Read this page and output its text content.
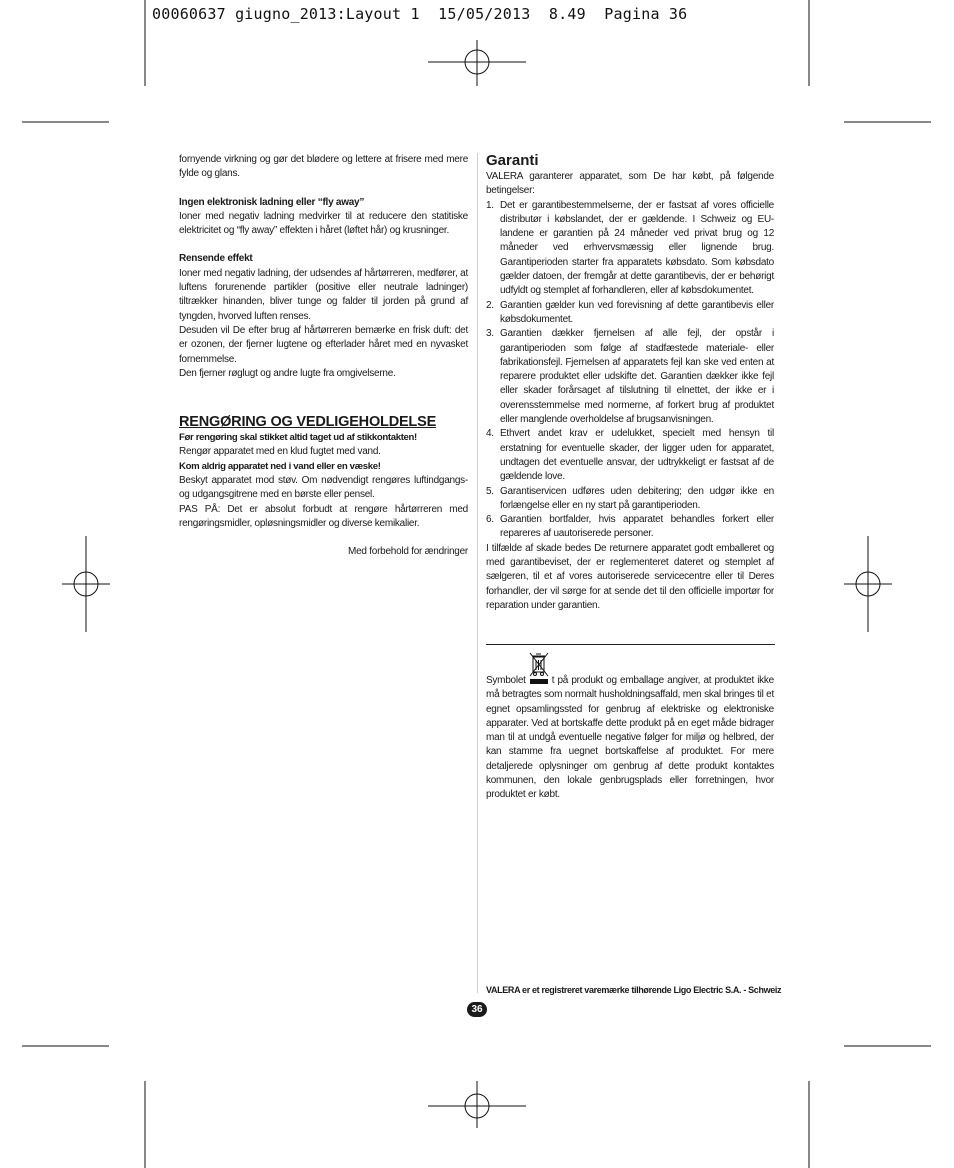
00060637 giugno_2013:Layout 1  15/05/2013  8.49  Pagina 36

fornyende virkning og gør det blødere og lettere at frisere med mere fylde og glans.

Ingen elektronisk ladning eller “fly away”

Ioner med negativ ladning medvirker til at reducere den statitiske elektricitet og “fly away” effekten i håret (løftet hår) og krusninger.

Rensende effekt

Ioner med negativ ladning, der udsendes af hårtørreren, medfører, at luftens forurenende partikler (positive eller neutrale ladninger) tiltrækker hinanden, bliver tunge og falder til jorden på grund af tyngden, hvorved luften renses.

Desuden vil De efter brug af hårtørreren bemærke en frisk duft: det er ozonen, der fjerner lugtene og efterlader håret med en nyvasket fornemmelse.

Den fjerner røglugt og andre lugte fra omgivelserne.

RENGØRING OG VEDLIGEHOLDELSE

Før rengøring skal stikket altid taget ud af stikkontakten!

Rengør apparatet med en klud fugtet med vand.

Kom aldrig apparatet ned i vand eller en væske!

Beskyt apparatet mod støv. Om nødvendigt rengøres luftindgangs- og udgangsgitrene med en børste eller pensel.

PAS PÅ: Det er absolut forbudt at rengøre hårtørreren med rengøringsmidler, opløsningsmidler og diverse kemikalier.

Med forbehold for ændringer

Garanti

VALERA garanterer apparatet, som De har købt, på følgende betingelser:

1. Det er garantibestemmelserne, der er fastsat af vores officielle distributør i købslandet, der er gældende. I Schweiz og EU-landene er garantien på 24 måneder ved privat brug og 12 måneder ved erhvervsmæssig eller lignende brug. Garantiperioden starter fra apparatets købsdato. Som købsdato gælder datoen, der fremgår at dette garantibevis, der er behørigt udfyldt og stemplet af forhandleren, eller af købsdokumentet.
2. Garantien gælder kun ved forevisning af dette garantibevis eller købsdokumentet.
3. Garantien dækker fjernelsen af alle fejl, der opstår i garantiperioden som følge af stadfæstede materiale- eller fabrikationsfejl. Fjernelsen af apparatets fejl kan ske ved enten at reparere produktet eller udskifte det. Garantien dækker ikke fejl eller skader forårsaget af tilslutning til elnettet, der ikke er i overensstemmelse med normerne, af forkert brug af produktet eller manglende overholdelse af brugsanvisningen.
4. Ethvert andet krav er udelukket, specielt med hensyn til erstatning for eventuelle skader, der ligger uden for apparatet, undtagen det eventuelle ansvar, der udtrykkeligt er fastsat af de gældende love.
5. Garantiservicen udføres uden debitering; den udgør ikke en forlængelse eller en ny start på garantiperioden.
6. Garantien bortfalder, hvis apparatet behandles forkert eller repareres af uautoriserede personer.

I tilfælde af skade bedes De returnere apparatet godt emballeret og med garantibeviset, der er reglementeret dateret og stemplet af sælgeren, til et af vores autoriserede servicecentre eller til Deres forhandler, der vil sørge for at sende det til den officielle importør for reparation under garantien.

Symbolet	t på produkt og emballage angiver, at produktet ikke må betragtes som normalt husholdningsaffald, men skal bringes til et egnet opsamlingssted for genbrug af elektriske og elektroniske apparater. Ved at bortskaffe dette produkt på en eget måde bidrager man til at undgå eventuelle negative følger for miljø og helbred, der kan stamme fra uegnet bortskaffelse af produktet. For mere detaljerede oplysninger om genbrug af dette produkt kontaktes kommunen, den lokale genbrugsplads eller forretningen, hvor produktet er købt.

VALERA er et registreret varemærke tilhørende Ligo Electric S.A. - Schweiz
36
